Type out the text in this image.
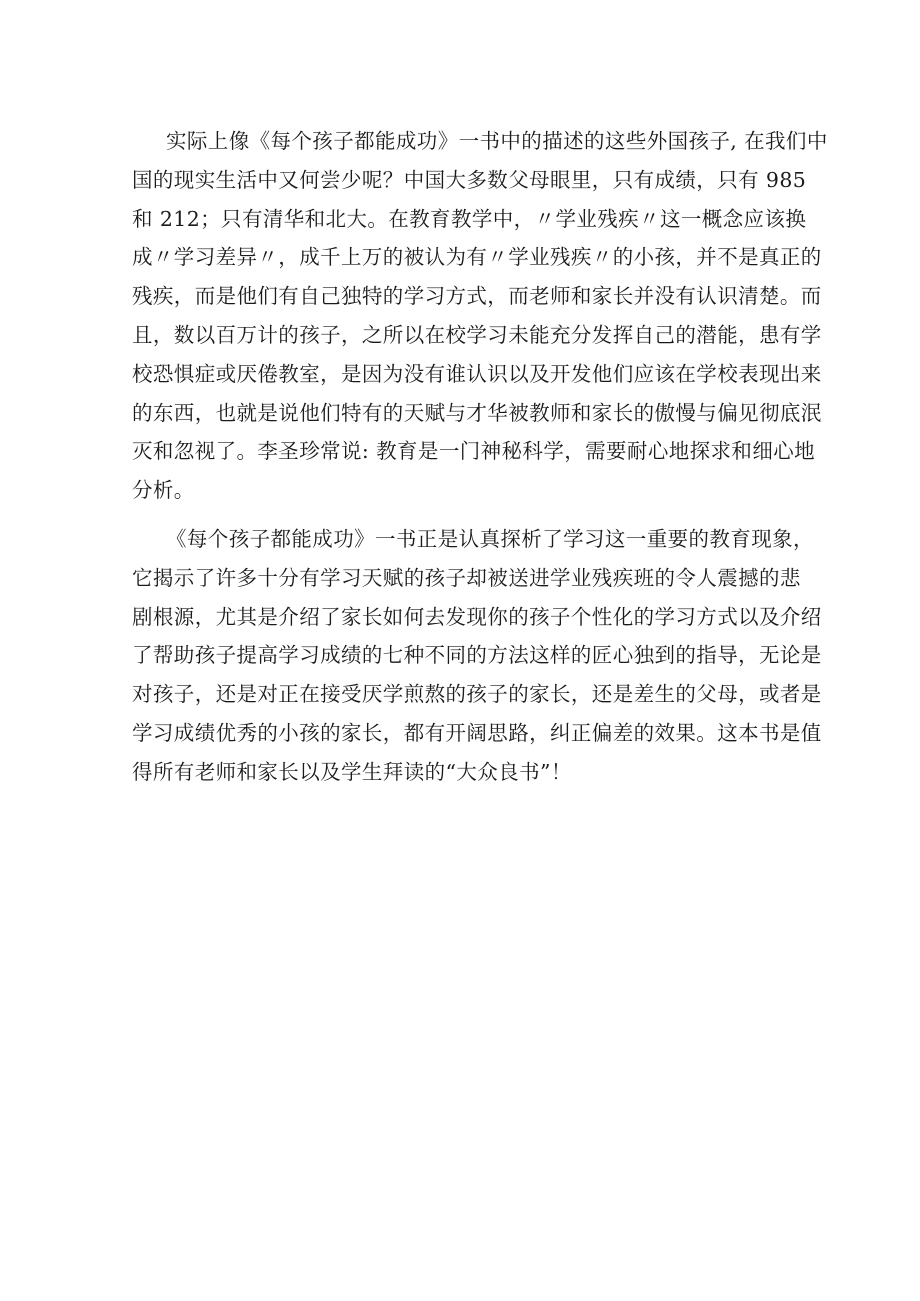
实际上像《每个孩子都能成功》一书中的描述的这些外国孩子, 在我们中
国的现实生活中又何尝少呢？中国大多数父母眼里，只有成绩，只有 985
和 212；只有清华和北大。在教育教学中，〃学业残疾〃这一概念应该换
成〃学习差异〃，成千上万的被认为有〃学业残疾〃的小孩，并不是真正的
残疾，而是他们有自己独特的学习方式，而老师和家长并没有认识清楚。而
且，数以百万计的孩子，之所以在校学习未能充分发挥自己的潜能，患有学
校恐惧症或厌倦教室，是因为没有谁认识以及开发他们应该在学校表现出来
的东西，也就是说他们特有的天赋与才华被教师和家长的傲慢与偏见彻底泯
灭和忽视了。李圣珍常说: 教育是一门神秘科学，需要耐心地探求和细心地
分析。
《每个孩子都能成功》一书正是认真探析了学习这一重要的教育现象，
它揭示了许多十分有学习天赋的孩子却被送进学业残疾班的令人震撼的悲
剧根源，尤其是介绍了家长如何去发现你的孩子个性化的学习方式以及介绍
了帮助孩子提高学习成绩的七种不同的方法这样的匠心独到的指导，无论是
对孩子，还是对正在接受厌学煎熬的孩子的家长，还是差生的父母，或者是
学习成绩优秀的小孩的家长，都有开阔思路，纠正偏差的效果。这本书是值
得所有老师和家长以及学生拜读的“大众良书”！
